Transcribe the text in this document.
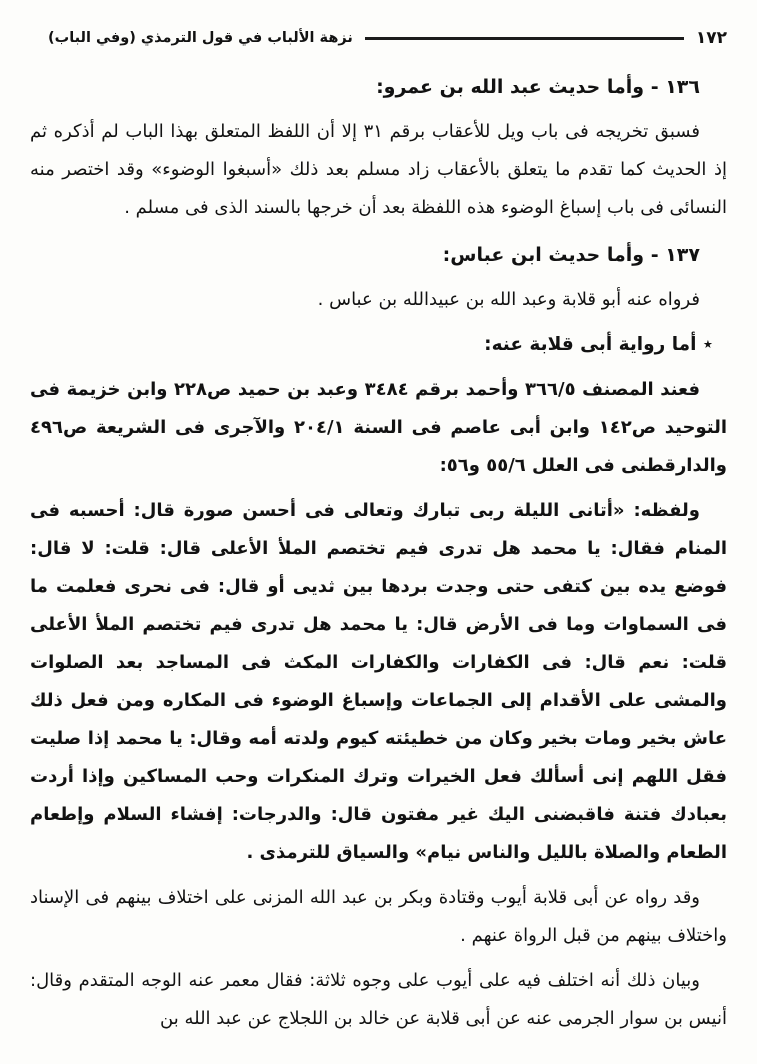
١٧٢
نزهة الألباب في قول الترمذي (وفي الباب)
١٣٦ - وأما حديث عبد الله بن عمرو:

فسبق تخريجه فى باب ويل للأعقاب برقم ٣١ إلا أن اللفظ المتعلق بهذا الباب لم أذكره ثم إذ الحديث كما تقدم ما يتعلق بالأعقاب زاد مسلم بعد ذلك «أسبغوا الوضوء» وقد اختصر منه النسائى فى باب إسباغ الوضوء هذه اللفظة بعد أن خرجها بالسند الذى فى مسلم .

١٣٧ - وأما حديث ابن عباس:

فرواه عنه أبو قلابة وعبد الله بن عبيدالله بن عباس .

٭ أما رواية أبى قلابة عنه:

فعند المصنف ٣٦٦/٥ وأحمد برقم ٣٤٨٤ وعبد بن حميد ص٢٢٨ وابن خزيمة فى التوحيد ص١٤٢ وابن أبى عاصم فى السنة ٢٠٤/١ والآجرى فى الشريعة ص٤٩٦ والدارقطنى فى العلل ٥٥/٦ و٥٦:

ولفظه: «أتانى الليلة ربى تبارك وتعالى فى أحسن صورة قال: أحسبه فى المنام فقال: يا محمد هل تدرى فيم تختصم الملأ الأعلى قال: قلت: لا قال: فوضع يده بين كتفى حتى وجدت بردها بين ثديى أو قال: فى نحرى فعلمت ما فى السماوات وما فى الأرض قال: يا محمد هل تدرى فيم تختصم الملأ الأعلى قلت: نعم قال: فى الكفارات والكفارات المكث فى المساجد بعد الصلوات والمشى على الأقدام إلى الجماعات وإسباغ الوضوء فى المكاره ومن فعل ذلك عاش بخير ومات بخير وكان من خطيئته كيوم ولدته أمه وقال: يا محمد إذا صليت فقل اللهم إنى أسألك فعل الخيرات وترك المنكرات وحب المساكين وإذا أردت بعبادك فتنة فاقبضنى اليك غير مفتون قال: والدرجات: إفشاء السلام وإطعام الطعام والصلاة بالليل والناس نيام» والسياق للترمذى .

وقد رواه عن أبى قلابة أيوب وقتادة وبكر بن عبد الله المزنى على اختلاف بينهم فى الإسناد واختلاف بينهم من قبل الرواة عنهم .

وبيان ذلك أنه اختلف فيه على أيوب على وجوه ثلاثة: فقال معمر عنه الوجه المتقدم وقال: أنيس بن سوار الجرمى عنه عن أبى قلابة عن خالد بن اللجلاج عن عبد الله بن
